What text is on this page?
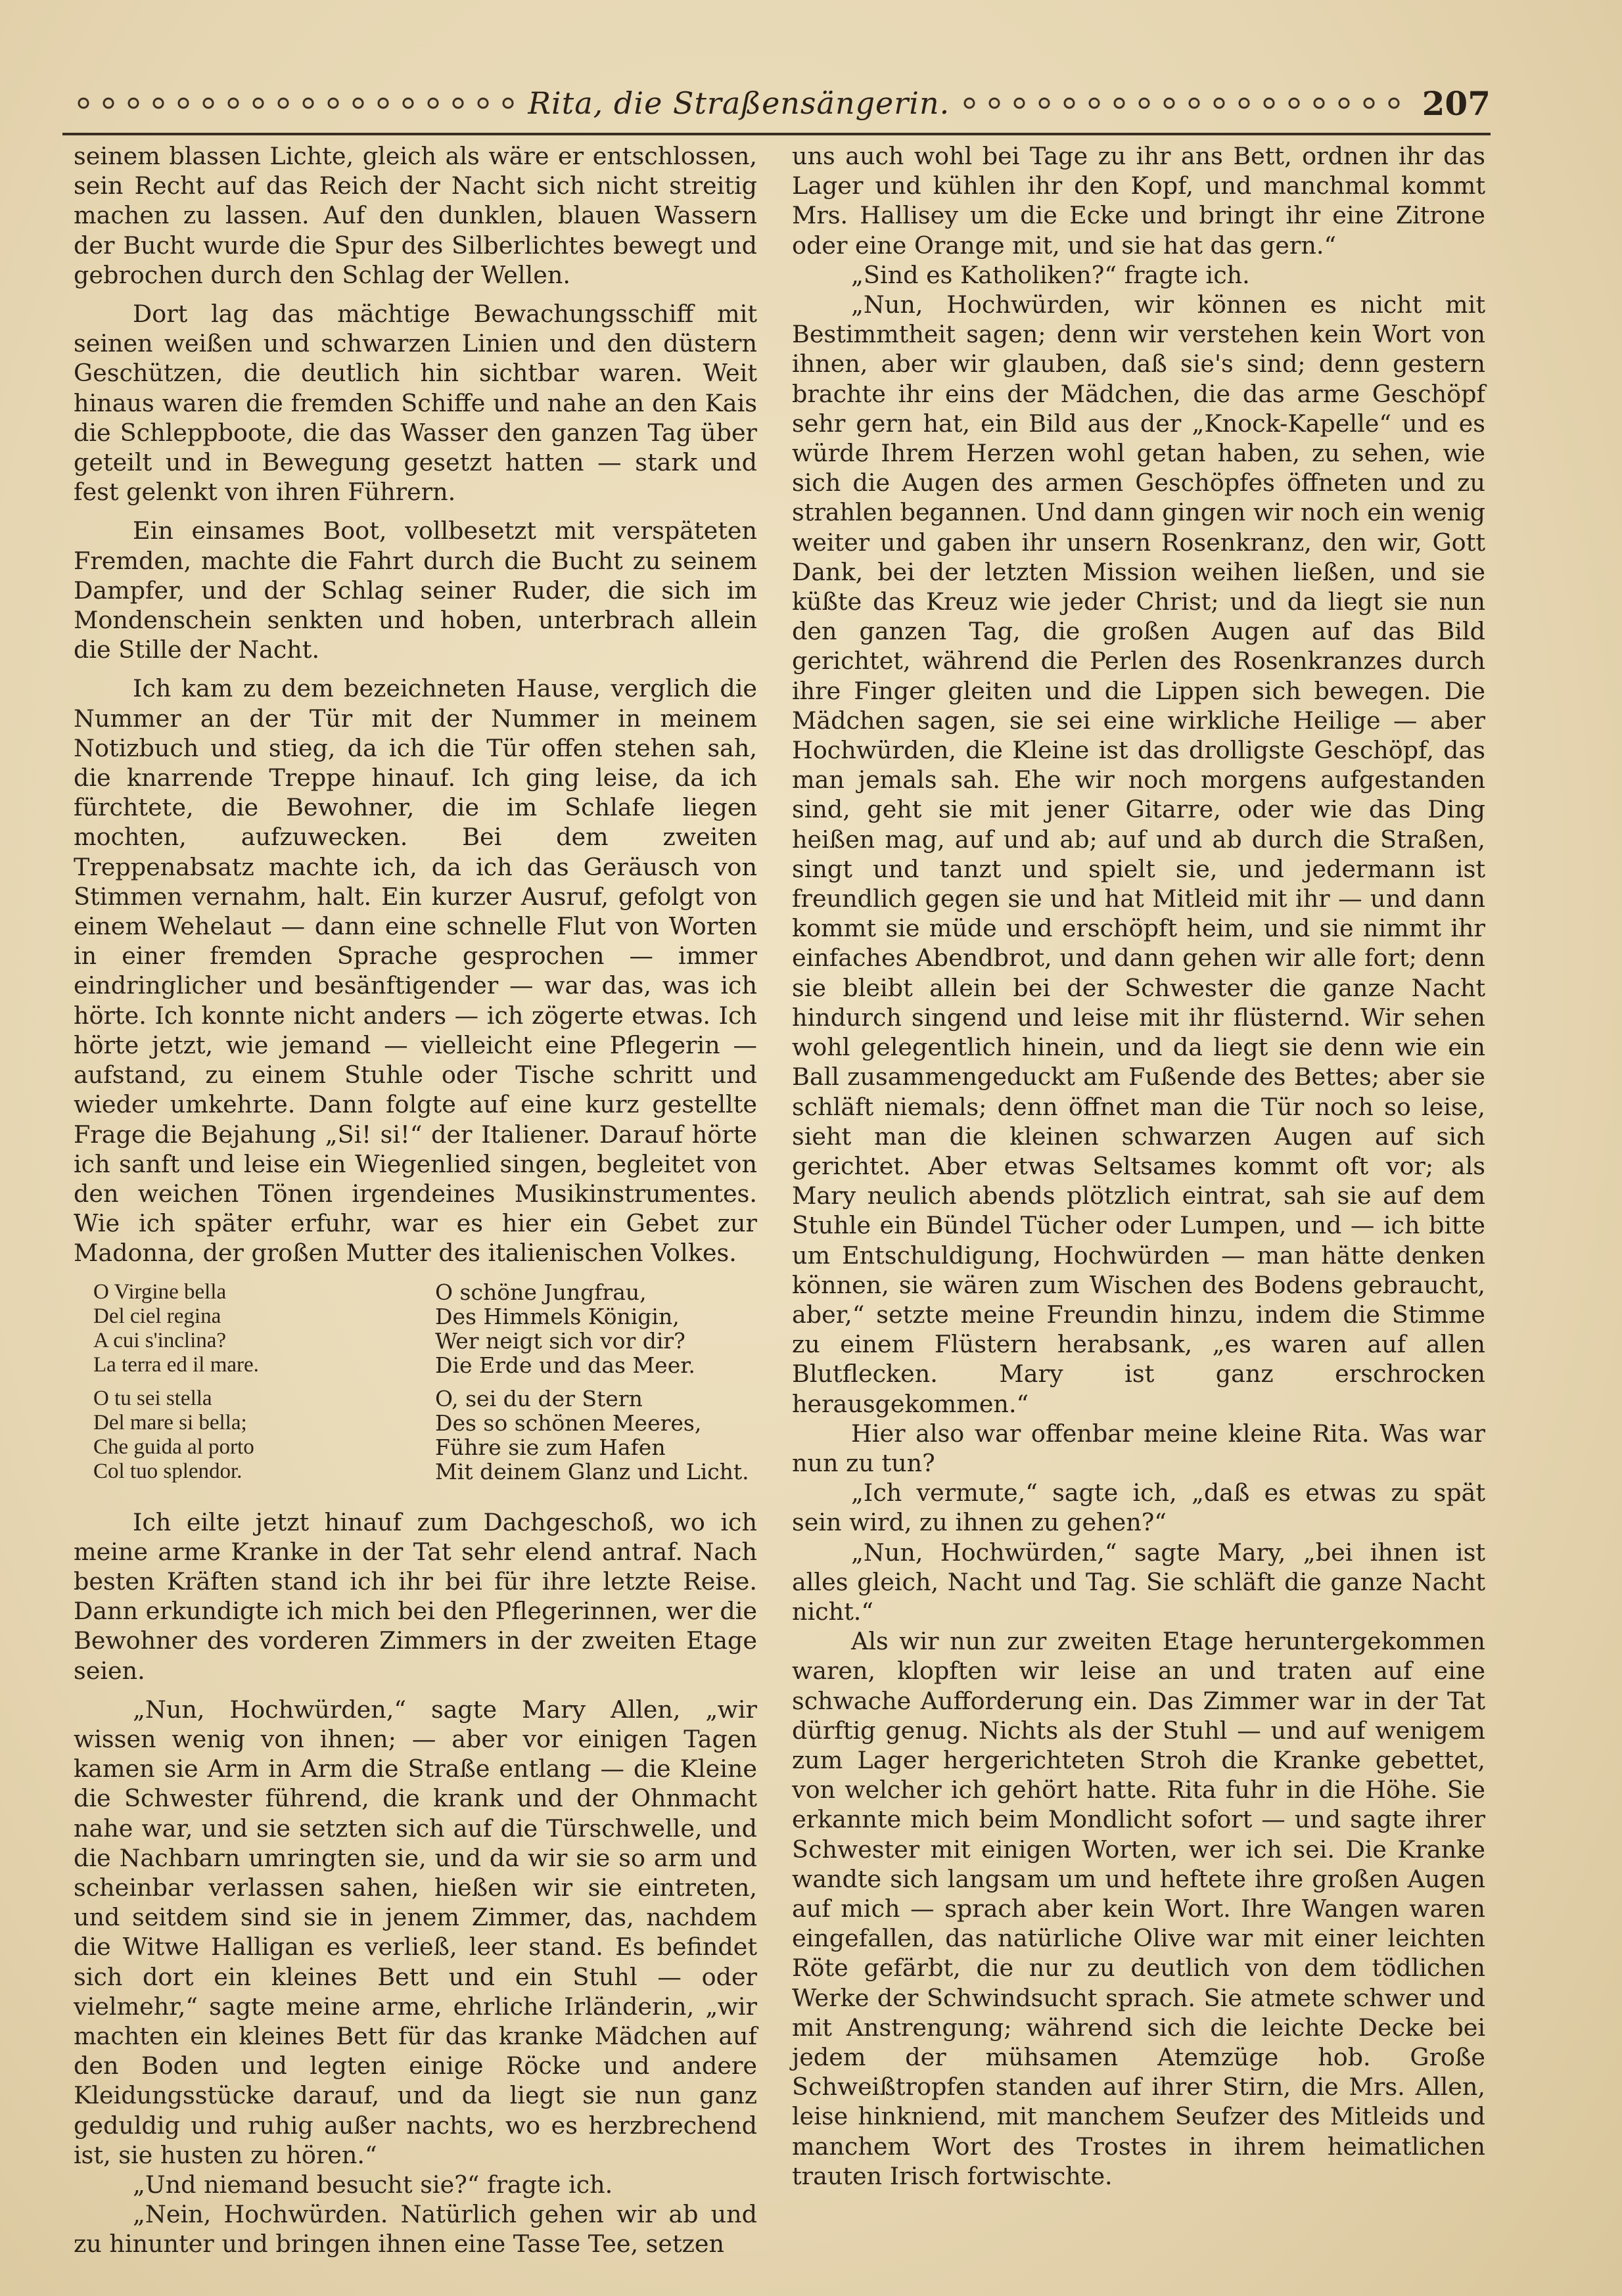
Rita, die Straßensängerin.	207

seinem blassen Lichte, gleich als wäre er entschlossen, sein Recht auf das Reich der Nacht sich nicht streitig machen zu lassen. Auf den dunklen, blauen Wassern der Bucht wurde die Spur des Silberlichtes bewegt und gebrochen durch den Schlag der Wellen.

Dort lag das mächtige Bewachungsschiff mit seinen weißen und schwarzen Linien und den düstern Geschützen, die deutlich hin sichtbar waren. Weit hinaus waren die fremden Schiffe und nahe an den Kais die Schleppboote, die das Wasser den ganzen Tag über geteilt und in Bewegung gesetzt hatten — stark und fest gelenkt von ihren Führern.

Ein einsames Boot, vollbesetzt mit verspäteten Fremden, machte die Fahrt durch die Bucht zu seinem Dampfer, und der Schlag seiner Ruder, die sich im Mondenschein senkten und hoben, unterbrach allein die Stille der Nacht.

Ich kam zu dem bezeichneten Hause, verglich die Nummer an der Tür mit der Nummer in meinem Notizbuch und stieg, da ich die Tür offen stehen sah, die knarrende Treppe hinauf. Ich ging leise, da ich fürchtete, die Bewohner, die im Schlafe liegen mochten, aufzuwecken. Bei dem zweiten Treppenabsatz machte ich, da ich das Geräusch von Stimmen vernahm, halt. Ein kurzer Ausruf, gefolgt von einem Wehelaut — dann eine schnelle Flut von Worten in einer fremden Sprache gesprochen — immer eindringlicher und besänftigender — war das, was ich hörte. Ich konnte nicht anders — ich zögerte etwas. Ich hörte jetzt, wie jemand — vielleicht eine Pflegerin — aufstand, zu einem Stuhle oder Tische schritt und wieder umkehrte. Dann folgte auf eine kurz gestellte Frage die Bejahung „Si! si!“ der Italiener. Darauf hörte ich sanft und leise ein Wiegenlied singen, begleitet von den weichen Tönen irgendeines Musikinstrumentes. Wie ich später erfuhr, war es hier ein Gebet zur Madonna, der großen Mutter des italienischen Volkes.

O Virgine bella
Del ciel regina
A cui s'inclina?
La terra ed il mare.
O schöne Jungfrau,
Des Himmels Königin,
Wer neigt sich vor dir?
Die Erde und das Meer.
O tu sei stella
Del mare si bella;
Che guida al porto
Col tuo splendor.
O, sei du der Stern
Des so schönen Meeres,
Führe sie zum Hafen
Mit deinem Glanz und Licht.

Ich eilte jetzt hinauf zum Dachgeschoß, wo ich meine arme Kranke in der Tat sehr elend antraf. Nach besten Kräften stand ich ihr bei für ihre letzte Reise. Dann erkundigte ich mich bei den Pflegerinnen, wer die Bewohner des vorderen Zimmers in der zweiten Etage seien.

„Nun, Hochwürden,“ sagte Mary Allen, „wir wissen wenig von ihnen; — aber vor einigen Tagen kamen sie Arm in Arm die Straße entlang — die Kleine die Schwester führend, die krank und der Ohnmacht nahe war, und sie setzten sich auf die Türschwelle, und die Nachbarn umringten sie, und da wir sie so arm und scheinbar verlassen sahen, hießen wir sie eintreten, und seitdem sind sie in jenem Zimmer, das, nachdem die Witwe Halligan es verließ, leer stand. Es befindet sich dort ein kleines Bett und ein Stuhl — oder vielmehr,“ sagte meine arme, ehrliche Irländerin, „wir machten ein kleines Bett für das kranke Mädchen auf den Boden und legten einige Röcke und andere Kleidungsstücke darauf, und da liegt sie nun ganz geduldig und ruhig außer nachts, wo es herzbrechend ist, sie husten zu hören.“

„Und niemand besucht sie?“ fragte ich.

„Nein, Hochwürden. Natürlich gehen wir ab und zu hinunter und bringen ihnen eine Tasse Tee, setzen

uns auch wohl bei Tage zu ihr ans Bett, ordnen ihr das Lager und kühlen ihr den Kopf, und manchmal kommt Mrs. Hallisey um die Ecke und bringt ihr eine Zitrone oder eine Orange mit, und sie hat das gern.“

„Sind es Katholiken?“ fragte ich.

„Nun, Hochwürden, wir können es nicht mit Bestimmtheit sagen; denn wir verstehen kein Wort von ihnen, aber wir glauben, daß sie's sind; denn gestern brachte ihr eins der Mädchen, die das arme Geschöpf sehr gern hat, ein Bild aus der „Knock-Kapelle“ und es würde Ihrem Herzen wohl getan haben, zu sehen, wie sich die Augen des armen Geschöpfes öffneten und zu strahlen begannen. Und dann gingen wir noch ein wenig weiter und gaben ihr unsern Rosenkranz, den wir, Gott Dank, bei der letzten Mission weihen ließen, und sie küßte das Kreuz wie jeder Christ; und da liegt sie nun den ganzen Tag, die großen Augen auf das Bild gerichtet, während die Perlen des Rosenkranzes durch ihre Finger gleiten und die Lippen sich bewegen. Die Mädchen sagen, sie sei eine wirkliche Heilige — aber Hochwürden, die Kleine ist das drolligste Geschöpf, das man jemals sah. Ehe wir noch morgens aufgestanden sind, geht sie mit jener Gitarre, oder wie das Ding heißen mag, auf und ab; auf und ab durch die Straßen, singt und tanzt und spielt sie, und jedermann ist freundlich gegen sie und hat Mitleid mit ihr — und dann kommt sie müde und erschöpft heim, und sie nimmt ihr einfaches Abendbrot, und dann gehen wir alle fort; denn sie bleibt allein bei der Schwester die ganze Nacht hindurch singend und leise mit ihr flüsternd. Wir sehen wohl gelegentlich hinein, und da liegt sie denn wie ein Ball zusammengeduckt am Fußende des Bettes; aber sie schläft niemals; denn öffnet man die Tür noch so leise, sieht man die kleinen schwarzen Augen auf sich gerichtet. Aber etwas Seltsames kommt oft vor; als Mary neulich abends plötzlich eintrat, sah sie auf dem Stuhle ein Bündel Tücher oder Lumpen, und — ich bitte um Entschuldigung, Hochwürden — man hätte denken können, sie wären zum Wischen des Bodens gebraucht, aber,“ setzte meine Freundin hinzu, indem die Stimme zu einem Flüstern herabsank, „es waren auf allen Blutflecken. Mary ist ganz erschrocken herausgekommen.“

Hier also war offenbar meine kleine Rita. Was war nun zu tun?

„Ich vermute,“ sagte ich, „daß es etwas zu spät sein wird, zu ihnen zu gehen?“

„Nun, Hochwürden,“ sagte Mary, „bei ihnen ist alles gleich, Nacht und Tag. Sie schläft die ganze Nacht nicht.“

Als wir nun zur zweiten Etage heruntergekommen waren, klopften wir leise an und traten auf eine schwache Aufforderung ein. Das Zimmer war in der Tat dürftig genug. Nichts als der Stuhl — und auf wenigem zum Lager hergerichteten Stroh die Kranke gebettet, von welcher ich gehört hatte. Rita fuhr in die Höhe. Sie erkannte mich beim Mondlicht sofort — und sagte ihrer Schwester mit einigen Worten, wer ich sei. Die Kranke wandte sich langsam um und heftete ihre großen Augen auf mich — sprach aber kein Wort. Ihre Wangen waren eingefallen, das natürliche Olive war mit einer leichten Röte gefärbt, die nur zu deutlich von dem tödlichen Werke der Schwindsucht sprach. Sie atmete schwer und mit Anstrengung; während sich die leichte Decke bei jedem der mühsamen Atemzüge hob. Große Schweißtropfen standen auf ihrer Stirn, die Mrs. Allen, leise hinkniend, mit manchem Seufzer des Mitleids und manchem Wort des Trostes in ihrem heimatlichen trauten Irisch fortwischte.
